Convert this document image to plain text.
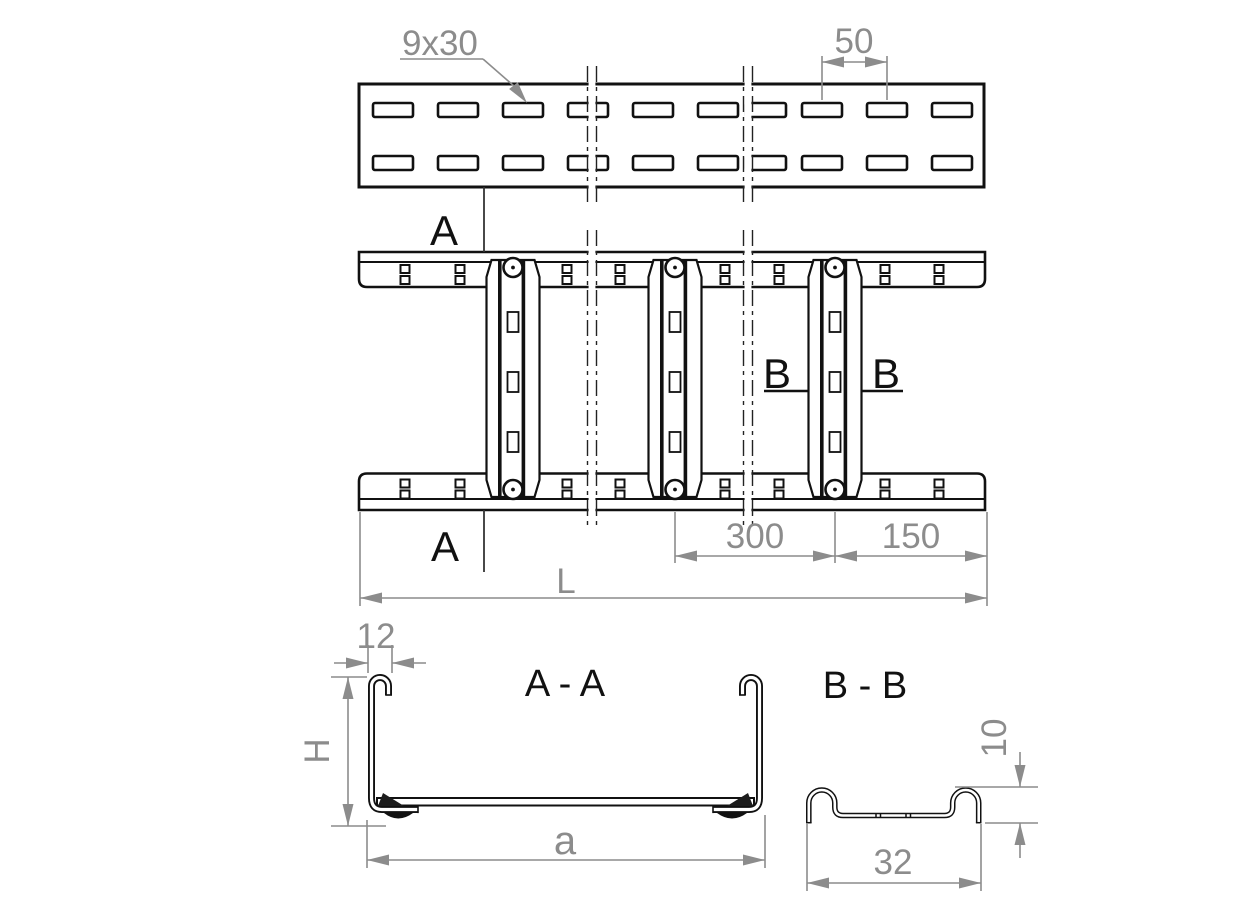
9x30	50
A
A
B B
300	150
L
A - A
12
H
a
B - B
10
32
